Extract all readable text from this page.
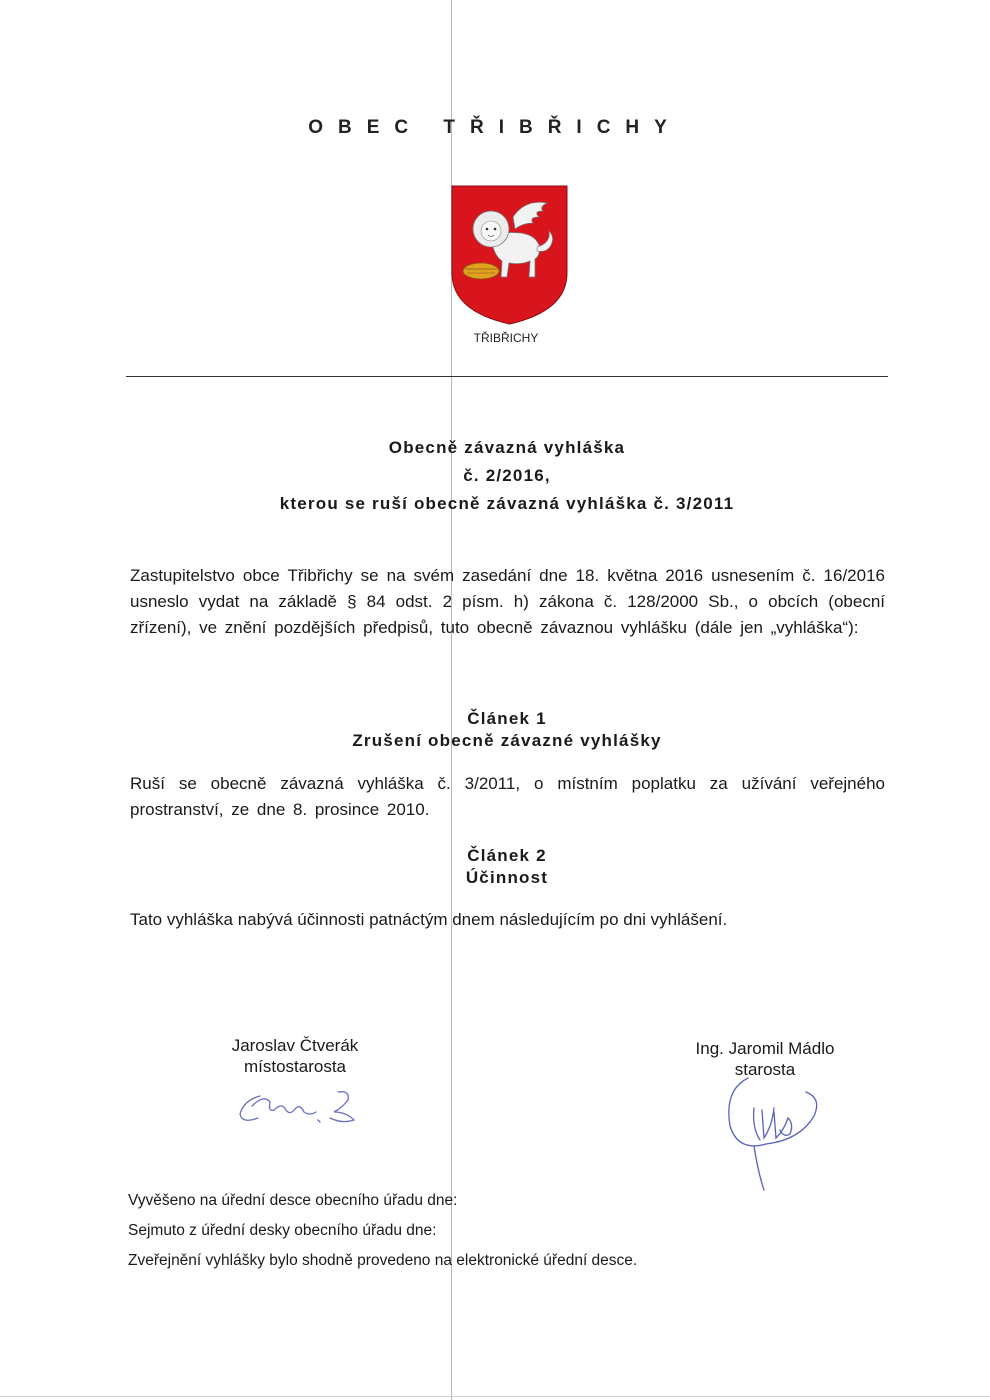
OBEC TŘIBŘICHY
TŘIBŘICHY
Obecně závazná vyhláška
č. 2/2016,
kterou se ruší obecně závazná vyhláška č. 3/2011
Zastupitelstvo obce Třibřichy se na svém zasedání dne 18. května 2016 usnesením č. 16/2016 usneslo vydat na základě § 84 odst. 2 písm. h) zákona č. 128/2000 Sb., o obcích (obecní zřízení), ve znění pozdějších předpisů, tuto obecně závaznou vyhlášku (dále jen „vyhláška“):
Článek 1
Zrušení obecně závazné vyhlášky
Ruší se obecně závazná vyhláška č. 3/2011, o místním poplatku za užívání veřejného prostranství, ze dne 8. prosince 2010.
Článek 2
Účinnost
Tato vyhláška nabývá účinnosti patnáctým dnem následujícím po dni vyhlášení.
Jaroslav Čtverák
místostarosta
Ing. Jaromil Mádlo
starosta
Vyvěšeno na úřední desce obecního úřadu dne:
Sejmuto z úřední desky obecního úřadu dne:
Zveřejnění vyhlášky bylo shodně provedeno na elektronické úřední desce.
